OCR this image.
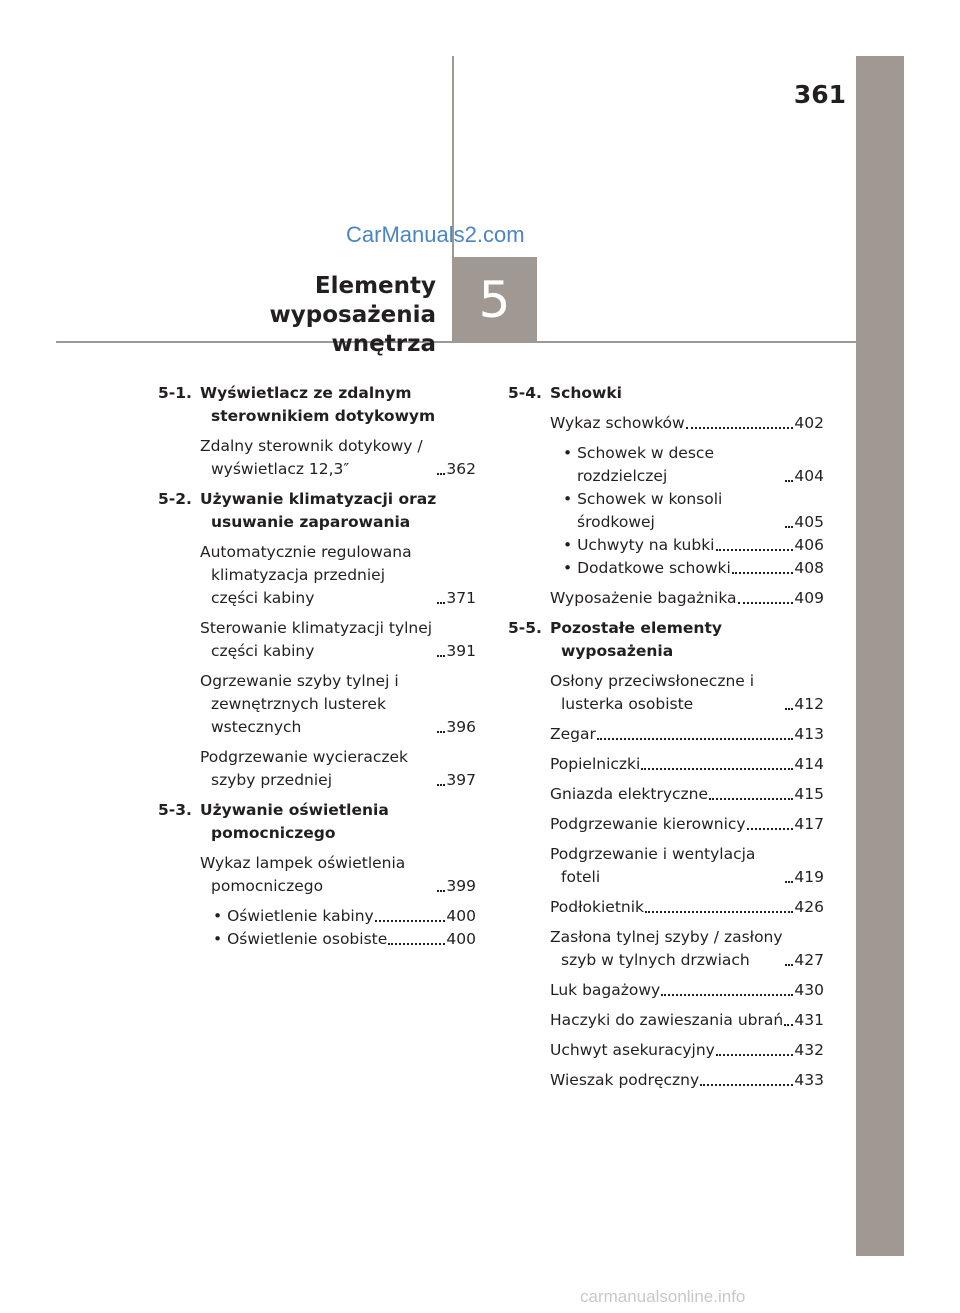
361
CarManuals2.com
Elementy wyposażenia
wnętrza
5
5-1. Wyświetlacz ze zdalnym sterownikiem dotykowym
Zdalny sterownik dotykowy / wyświetlacz 12,3″	362
5-2. Używanie klimatyzacji oraz usuwanie zaparowania
Automatycznie regulowana klimatyzacja przedniej części kabiny	371
Sterowanie klimatyzacji tylnej części kabiny	391
Ogrzewanie szyby tylnej i zewnętrznych lusterek wstecznych	396
Podgrzewanie wycieraczek szyby przedniej	397
5-3. Używanie oświetlenia pomocniczego
Wykaz lampek oświetlenia pomocniczego	399
• Oświetlenie kabiny	400
• Oświetlenie osobiste	400
5-4. Schowki
Wykaz schowków	402
• Schowek w desce rozdzielczej	404
• Schowek w konsoli środkowej	405
• Uchwyty na kubki	406
• Dodatkowe schowki	408
Wyposażenie bagażnika	409
5-5. Pozostałe elementy wyposażenia
Osłony przeciwsłoneczne i lusterka osobiste	412
Zegar	413
Popielniczki	414
Gniazda elektryczne	415
Podgrzewanie kierownicy	417
Podgrzewanie i wentylacja foteli	419
Podłokietnik	426
Zasłona tylnej szyby / zasłony szyb w tylnych drzwiach	427
Luk bagażowy	430
Haczyki do zawieszania ubrań 431
Uchwyt asekuracyjny	432
Wieszak podręczny	433
carmanualsonline.info
